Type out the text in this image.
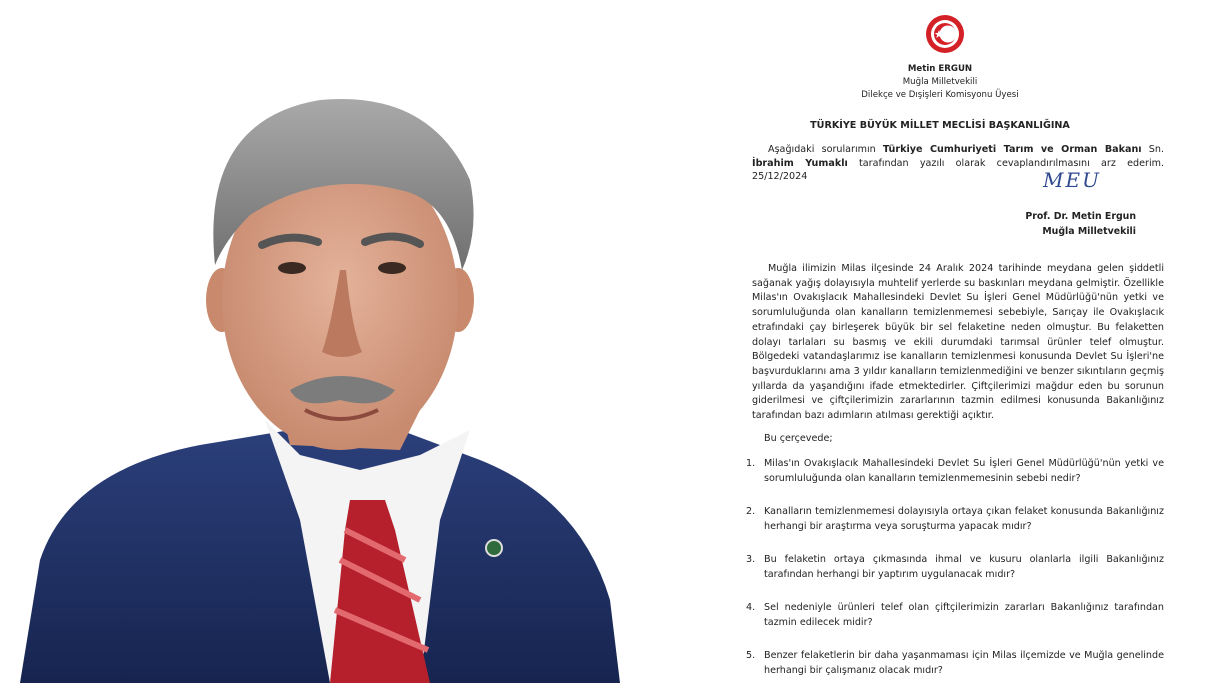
Metin ERGUN
Muğla Milletvekili
Dilekçe ve Dışişleri Komisyonu Üyesi
TÜRKİYE BÜYÜK MİLLET MECLİSİ BAŞKANLIĞINA
Aşağıdaki sorularımın Türkiye Cumhuriyeti Tarım ve Orman Bakanı Sn. İbrahim Yumaklı tarafından yazılı olarak cevaplandırılmasını arz ederim. 25/12/2024	MEU
Prof. Dr. Metin Ergun
Muğla Milletvekili
Muğla ilimizin Milas ilçesinde 24 Aralık 2024 tarihinde meydana gelen şiddetli sağanak yağış dolayısıyla muhtelif yerlerde su baskınları meydana gelmiştir. Özellikle Milas'ın Ovakışlacık Mahallesindeki Devlet Su İşleri Genel Müdürlüğü'nün yetki ve sorumluluğunda olan kanalların temizlenmemesi sebebiyle, Sarıçay ile Ovakışlacık etrafındaki çay birleşerek büyük bir sel felaketine neden olmuştur. Bu felaketten dolayı tarlaları su basmış ve ekili durumdaki tarımsal ürünler telef olmuştur. Bölgedeki vatandaşlarımız ise kanalların temizlenmesi konusunda Devlet Su İşleri'ne başvurduklarını ama 3 yıldır kanalların temizlenmediğini ve benzer sıkıntıların geçmiş yıllarda da yaşandığını ifade etmektedirler. Çiftçilerimizi mağdur eden bu sorunun giderilmesi ve çiftçilerimizin zararlarının tazmin edilmesi konusunda Bakanlığınız tarafından bazı adımların atılması gerektiği açıktır.
Bu çerçevede;
1. Milas'ın Ovakışlacık Mahallesindeki Devlet Su İşleri Genel Müdürlüğü'nün yetki ve sorumluluğunda olan kanalların temizlenmemesinin sebebi nedir?
2. Kanalların temizlenmemesi dolayısıyla ortaya çıkan felaket konusunda Bakanlığınız herhangi bir araştırma veya soruşturma yapacak mıdır?
3. Bu felaketin ortaya çıkmasında ihmal ve kusuru olanlarla ilgili Bakanlığınız tarafından herhangi bir yaptırım uygulanacak mıdır?
4. Sel nedeniyle ürünleri telef olan çiftçilerimizin zararları Bakanlığınız tarafından tazmin edilecek midir?
5. Benzer felaketlerin bir daha yaşanmaması için Milas ilçemizde ve Muğla genelinde herhangi bir çalışmanız olacak mıdır?
